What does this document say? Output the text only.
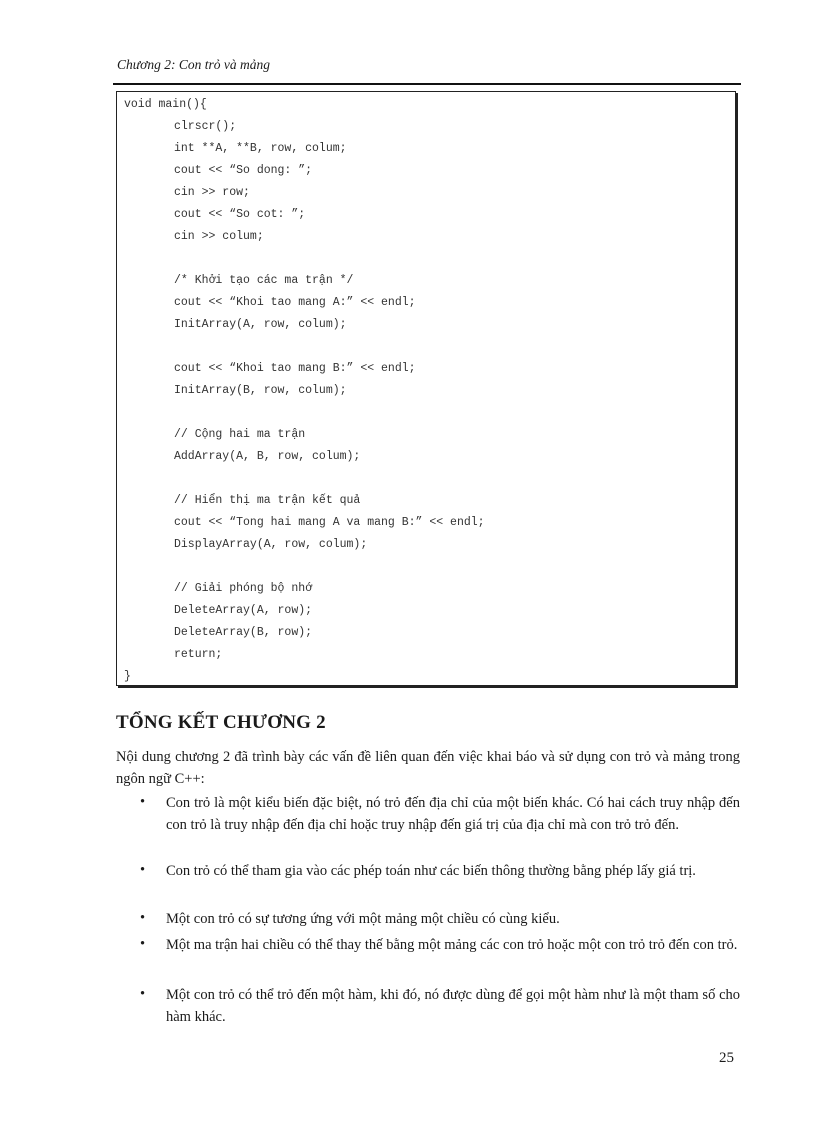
Chương 2: Con trỏ và mảng
void main(){
clrscr();
int **A, **B, row, colum;
cout << “So dong: ”;
cin >> row;
cout << “So cot: ”;
cin >> colum;
/* Khởi tạo các ma trận */
cout << “Khoi tao mang A:” << endl;
InitArray(A, row, colum);
cout << “Khoi tao mang B:” << endl;
InitArray(B, row, colum);
// Cộng hai ma trận
AddArray(A, B, row, colum);
// Hiển thị ma trận kết quả
cout << “Tong hai mang A va mang B:” << endl;
DisplayArray(A, row, colum);
// Giải phóng bộ nhớ
DeleteArray(A, row);
DeleteArray(B, row);
return;
}
TỔNG KẾT CHƯƠNG 2
Nội dung chương 2 đã trình bày các vấn đề liên quan đến việc khai báo và sử dụng con trỏ và mảng trong ngôn ngữ C++:
• Con trỏ là một kiểu biến đặc biệt, nó trỏ đến địa chỉ của một biến khác. Có hai cách truy nhập đến con trỏ là truy nhập đến địa chỉ hoặc truy nhập đến giá trị của địa chỉ mà con trỏ trỏ đến.
• Con trỏ có thể tham gia vào các phép toán như các biến thông thường bằng phép lấy giá trị.
• Một con trỏ có sự tương ứng với một mảng một chiều có cùng kiểu.
• Một ma trận hai chiều có thể thay thế bằng một mảng các con trỏ hoặc một con trỏ trỏ đến con trỏ.
• Một con trỏ có thể trỏ đến một hàm, khi đó, nó được dùng để gọi một hàm như là một tham số cho hàm khác.
25
